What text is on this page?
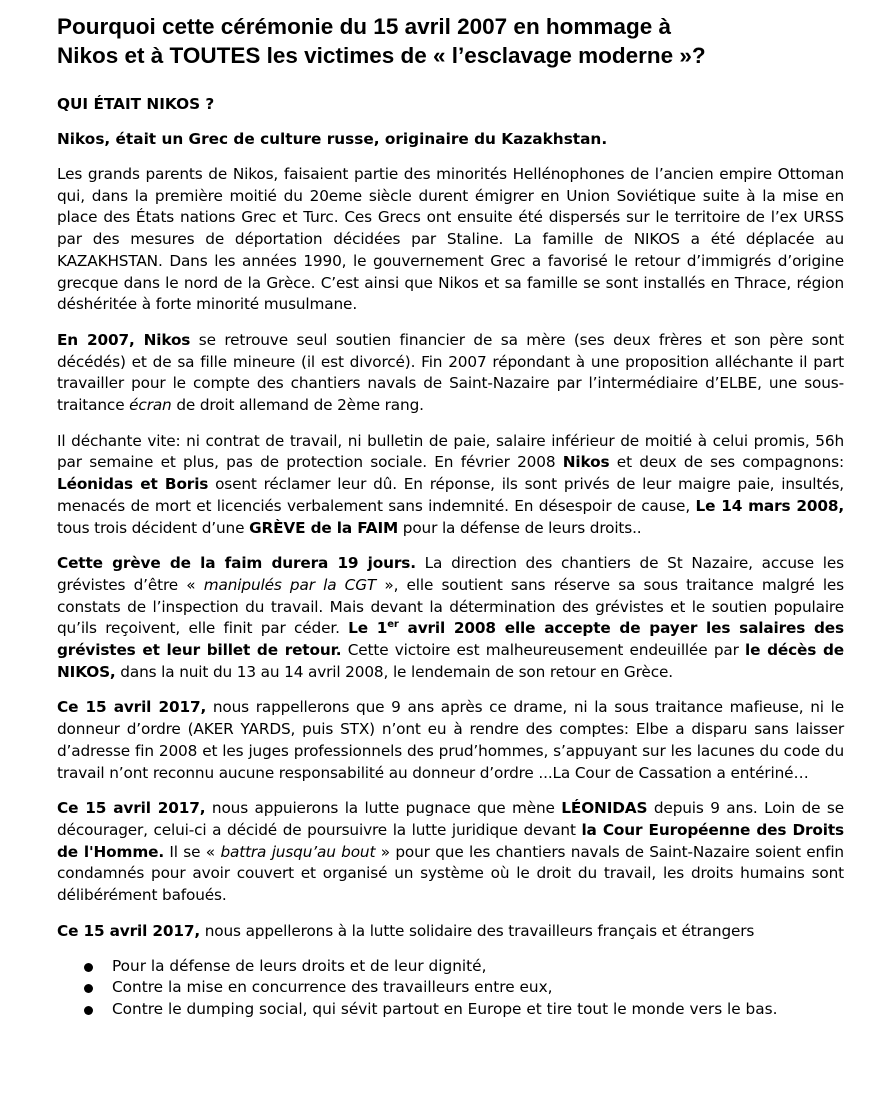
Pourquoi cette cérémonie du 15 avril 2007 en hommage à
Nikos et à TOUTES les victimes de « l’esclavage moderne »?
QUI ÉTAIT NIKOS ?
Nikos, était un Grec de culture russe, originaire du Kazakhstan.

Les grands parents de Nikos, faisaient partie des minorités Hellénophones de l’ancien empire Ottoman qui, dans la première moitié du 20eme siècle durent émigrer en Union Soviétique suite à la mise en place des États nations Grec et Turc. Ces Grecs ont ensuite été dispersés sur le territoire de l’ex URSS par des mesures de déportation décidées par Staline. La famille de NIKOS a été déplacée au KAZAKHSTAN. Dans les années 1990, le gouvernement Grec a favorisé le retour d’immigrés d’origine grecque dans le nord de la Grèce. C’est ainsi que Nikos et sa famille se sont installés en Thrace, région déshéritée à forte minorité musulmane.

En 2007, Nikos se retrouve seul soutien financier de sa mère (ses deux frères et son père sont décédés) et de sa fille mineure (il est divorcé). Fin 2007 répondant à une proposition alléchante il part travailler pour le compte des chantiers navals de Saint-Nazaire par l’intermédiaire d’ELBE, une sous-traitance écran de droit allemand de 2ème rang.

Il déchante vite: ni contrat de travail, ni bulletin de paie, salaire inférieur de moitié à celui promis, 56h par semaine et plus, pas de protection sociale. En février 2008 Nikos et deux de ses compagnons: Léonidas et Boris osent réclamer leur dû. En réponse, ils sont privés de leur maigre paie, insultés, menacés de mort et licenciés verbalement sans indemnité. En désespoir de cause, Le 14 mars 2008, tous trois décident d’une GRÈVE de la FAIM pour la défense de leurs droits..

Cette grève de la faim durera 19 jours. La direction des chantiers de St Nazaire, accuse les grévistes d’être « manipulés par la CGT », elle soutient sans réserve sa sous traitance malgré les constats de l’inspection du travail. Mais devant la détermination des grévistes et le soutien populaire qu’ils reçoivent, elle finit par céder. Le 1er avril 2008 elle accepte de payer les salaires des grévistes et leur billet de retour. Cette victoire est malheureusement endeuillée par le décès de NIKOS, dans la nuit du 13 au 14 avril 2008, le lendemain de son retour en Grèce.

Ce 15 avril 2017, nous rappellerons que 9 ans après ce drame, ni la sous traitance mafieuse, ni le donneur d’ordre (AKER YARDS, puis STX) n’ont eu à rendre des comptes: Elbe a disparu sans laisser d’adresse fin 2008 et les juges professionnels des prud’hommes, s’appuyant sur les lacunes du code du travail n’ont reconnu aucune responsabilité au donneur d’ordre ...La Cour de Cassation a entériné…

Ce 15 avril 2017, nous appuierons la lutte pugnace que mène LÉONIDAS depuis 9 ans. Loin de se décourager, celui-ci a décidé de poursuivre la lutte juridique devant la Cour Européenne des Droits de l'Homme. Il se « battra jusqu’au bout » pour que les chantiers navals de Saint-Nazaire soient enfin condamnés pour avoir couvert et organisé un système où le droit du travail, les droits humains sont délibérément bafoués.

Ce 15 avril 2017, nous appellerons à la lutte solidaire des travailleurs français et étrangers

Pour la défense de leurs droits et de leur dignité,
Contre la mise en concurrence des travailleurs entre eux,
Contre le dumping social, qui sévit partout en Europe et tire tout le monde vers le bas.
